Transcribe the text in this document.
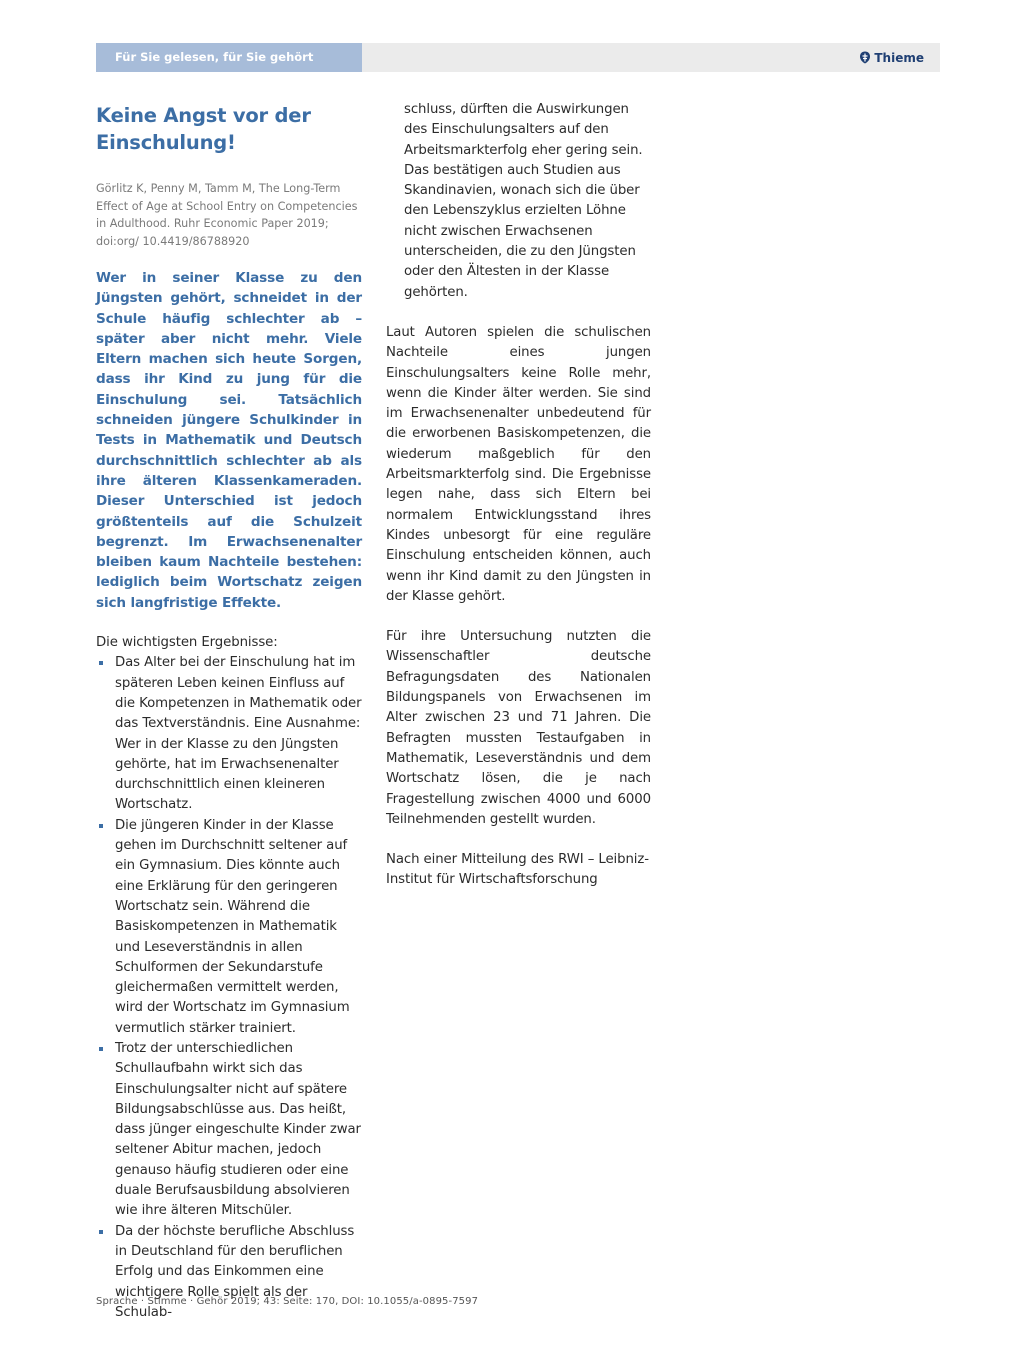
Für Sie gelesen, für Sie gehört	Thieme
Keine Angst vor der Einschulung!

Görlitz K, Penny M, Tamm M, The Long-Term Effect of Age at School Entry on Competencies in Adulthood. Ruhr Economic Paper 2019; doi:org/ 10.4419/86788920

Wer in seiner Klasse zu den Jüngsten gehört, schneidet in der Schule häufig schlechter ab – später aber nicht mehr. Viele Eltern machen sich heute Sorgen, dass ihr Kind zu jung für die Einschulung sei. Tatsächlich schneiden jüngere Schulkinder in Tests in Mathematik und Deutsch durchschnittlich schlechter ab als ihre älteren Klassenkameraden. Dieser Unterschied ist jedoch größtenteils auf die Schulzeit begrenzt. Im Erwachsenenalter bleiben kaum Nachteile bestehen: lediglich beim Wortschatz zeigen sich langfristige Effekte.

Die wichtigsten Ergebnisse:

Das Alter bei der Einschulung hat im späteren Leben keinen Einfluss auf die Kompetenzen in Mathematik oder das Textverständnis. Eine Ausnahme: Wer in der Klasse zu den Jüngsten gehörte, hat im Erwachsenenalter durchschnittlich einen kleineren Wortschatz.
Die jüngeren Kinder in der Klasse gehen im Durchschnitt seltener auf ein Gymnasium. Dies könnte auch eine Erklärung für den geringeren Wortschatz sein. Während die Basiskompetenzen in Mathematik und Leseverständnis in allen Schulformen der Sekundarstufe gleichermaßen vermittelt werden, wird der Wortschatz im Gymnasium vermutlich stärker trainiert.
Trotz der unterschiedlichen Schullaufbahn wirkt sich das Einschulungsalter nicht auf spätere Bildungsabschlüsse aus. Das heißt, dass jünger eingeschulte Kinder zwar seltener Abitur machen, jedoch genauso häufig studieren oder eine duale Berufsausbildung absolvieren wie ihre älteren Mitschüler.
Da der höchste berufliche Abschluss in Deutschland für den beruflichen Erfolg und das Einkommen eine wichtigere Rolle spielt als der Schulab-

schluss, dürften die Auswirkungen des Einschulungsalters auf den Arbeitsmarkterfolg eher gering sein. Das bestätigen auch Studien aus Skandinavien, wonach sich die über den Lebenszyklus erzielten Löhne nicht zwischen Erwachsenen unterscheiden, die zu den Jüngsten oder den Ältesten in der Klasse gehörten.

Laut Autoren spielen die schulischen Nachteile eines jungen Einschulungsalters keine Rolle mehr, wenn die Kinder älter werden. Sie sind im Erwachsenenalter unbedeutend für die erworbenen Basiskompetenzen, die wiederum maßgeblich für den Arbeitsmarkterfolg sind. Die Ergebnisse legen nahe, dass sich Eltern bei normalem Entwicklungsstand ihres Kindes unbesorgt für eine reguläre Einschulung entscheiden können, auch wenn ihr Kind damit zu den Jüngsten in der Klasse gehört.

Für ihre Untersuchung nutzten die Wissenschaftler deutsche Befragungsdaten des Nationalen Bildungspanels von Erwachsenen im Alter zwischen 23 und 71 Jahren. Die Befragten mussten Testaufgaben in Mathematik, Leseverständnis und dem Wortschatz lösen, die je nach Fragestellung zwischen 4000 und 6000 Teilnehmenden gestellt wurden.

Nach einer Mitteilung des RWI – Leibniz-Institut für Wirtschaftsforschung

Sprache · Stimme · Gehör 2019; 43: Seite: 170, DOI: 10.1055/a-0895-7597
